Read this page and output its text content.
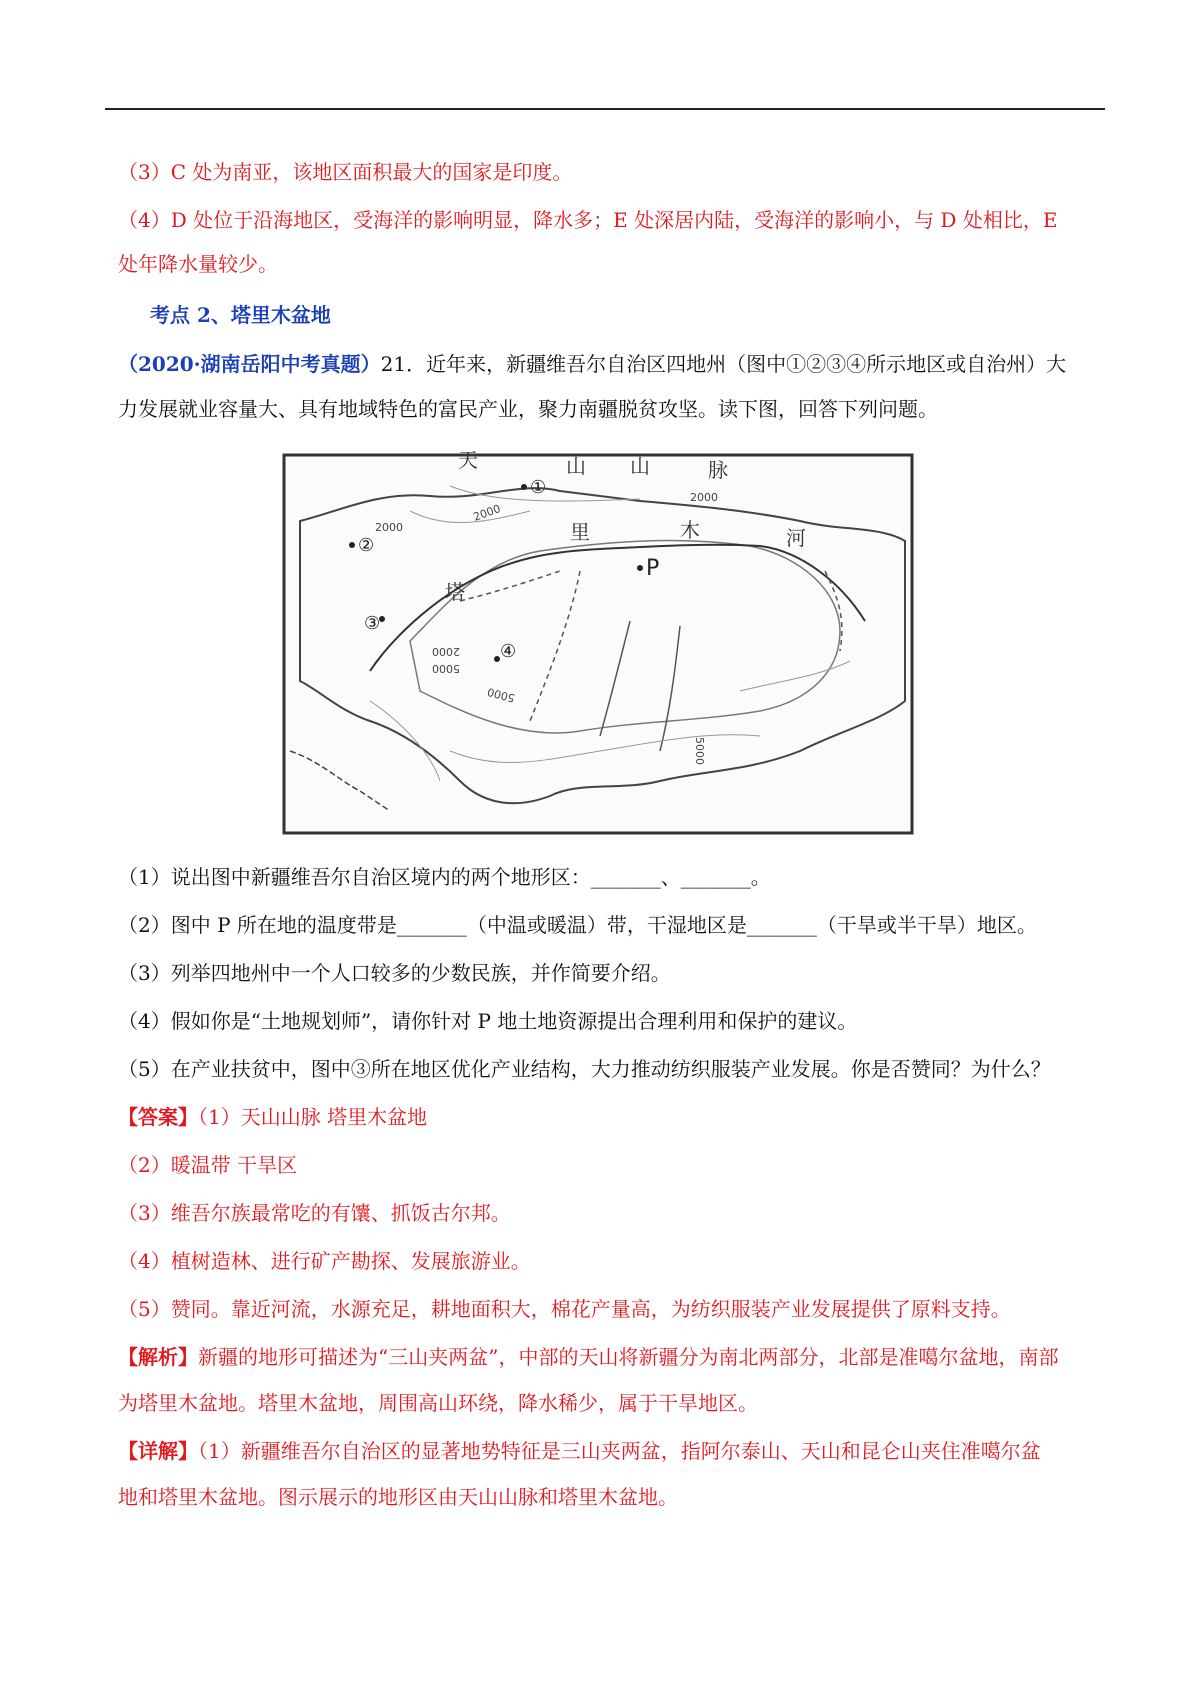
（3）C 处为南亚，该地区面积最大的国家是印度。

（4）D 处位于沿海地区，受海洋的影响明显，降水多；E 处深居内陆，受海洋的影响小，与 D 处相比，E

处年降水量较少。

考点 2、塔里木盆地

（2020·湖南岳阳中考真题）21．近年来，新疆维吾尔自治区四地州（图中①②③④所示地区或自治州）大

力发展就业容量大、具有地域特色的富民产业，聚力南疆脱贫攻坚。读下图，回答下列问题。

①
②
③
④
P
天	山 山	脉
塔
里	木	河
2000
2000
2000
2000
5000
5000
5000

（1）说出图中新疆维吾尔自治区境内的两个地形区：_______、_______。

（2）图中 P 所在地的温度带是_______（中温或暖温）带，干湿地区是_______（干旱或半干旱）地区。

（3）列举四地州中一个人口较多的少数民族，并作简要介绍。

（4）假如你是“土地规划师”，请你针对 P 地土地资源提出合理利用和保护的建议。

（5）在产业扶贫中，图中③所在地区优化产业结构，大力推动纺织服装产业发展。你是否赞同？为什么？

【答案】（1）天山山脉 塔里木盆地

（2）暖温带 干旱区

（3）维吾尔族最常吃的有馕、抓饭古尔邦。

（4）植树造林、进行矿产勘探、发展旅游业。

（5）赞同。靠近河流，水源充足，耕地面积大，棉花产量高，为纺织服装产业发展提供了原料支持。

【解析】新疆的地形可描述为“三山夹两盆”，中部的天山将新疆分为南北两部分，北部是准噶尔盆地，南部

为塔里木盆地。塔里木盆地，周围高山环绕，降水稀少，属于干旱地区。

【详解】（1）新疆维吾尔自治区的显著地势特征是三山夹两盆，指阿尔泰山、天山和昆仑山夹住准噶尔盆

地和塔里木盆地。图示展示的地形区由天山山脉和塔里木盆地。
